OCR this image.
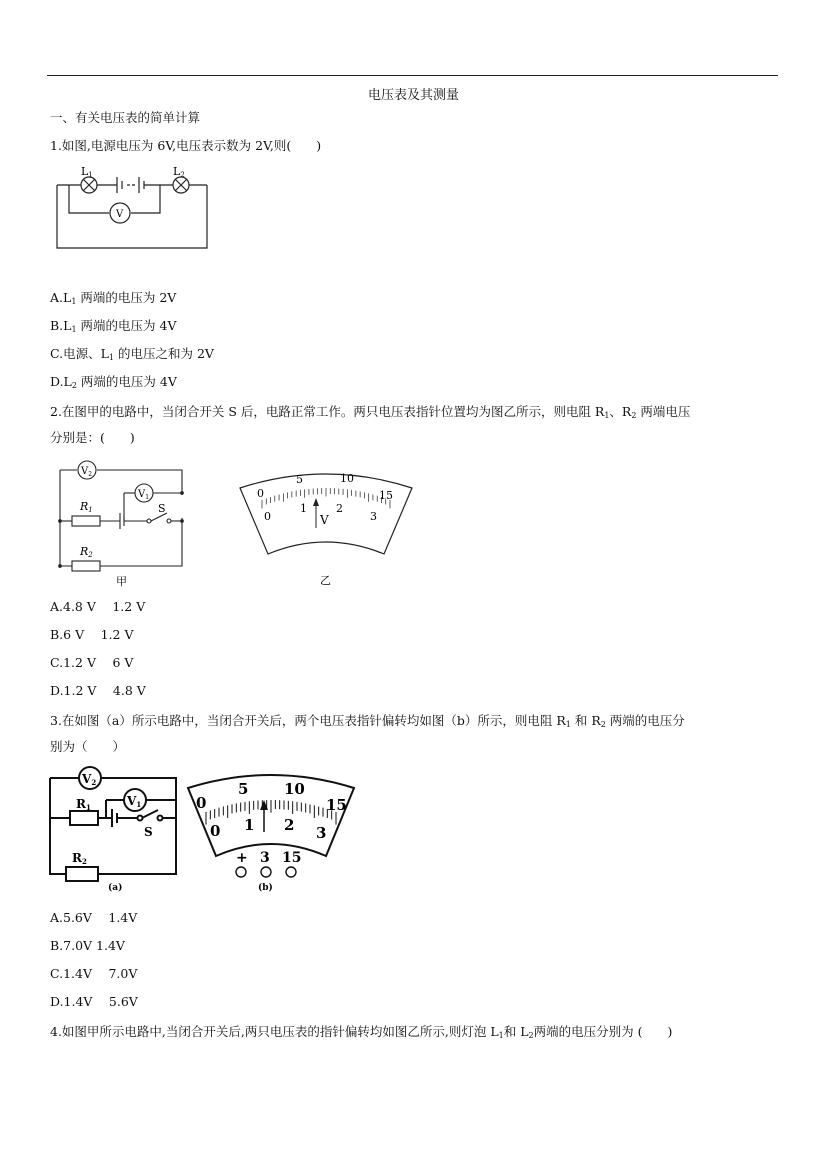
电压表及其测量
一、有关电压表的简单计算
1.如图,电源电压为 6V,电压表示数为 2V,则(　　)
L1	L2
V
$A.L_1$ 两端的电压为 2V
$B.L_1$ 两端的电压为 4V
C.电源、$L_1$ 的电压之和为 2V
$D.L_2$ 两端的电压为 4V
2.在图甲的电路中，当闭合开关 S 后，电路正常工作。两只电压表指针位置均为图乙所示，则电阻 $R_1$、$R_2$ 两端电压
分别是：(　　)
$V_2$
$V_1$
R1
R2
S
甲
0
5	10
15
0
1	2
3
V
乙
A.4.8 V　 1.2 V
B.6 V　 1.2 V
C.1.2 V　 6 V
D.1.2 V　 4.8 V
3.在如图（a）所示电路中，当闭合开关后，两个电压表指针偏转均如图（b）所示，则电阻 $R_1$ 和 $R_2$ 两端的电压分
别为（　　）
V2
V1
R1
R2
S
(a)
0
5 10
15
0 1 2 3
+ 3 15
(b)
A.5.6V　 1.4V
B.7.0V 1.4V
C.1.4V　 7.0V
D.1.4V　 5.6V
4.如图甲所示电路中,当闭合开关后,两只电压表的指针偏转均如图乙所示,则灯泡 $L_1$和 $L_2$两端的电压分别为 (　　)
